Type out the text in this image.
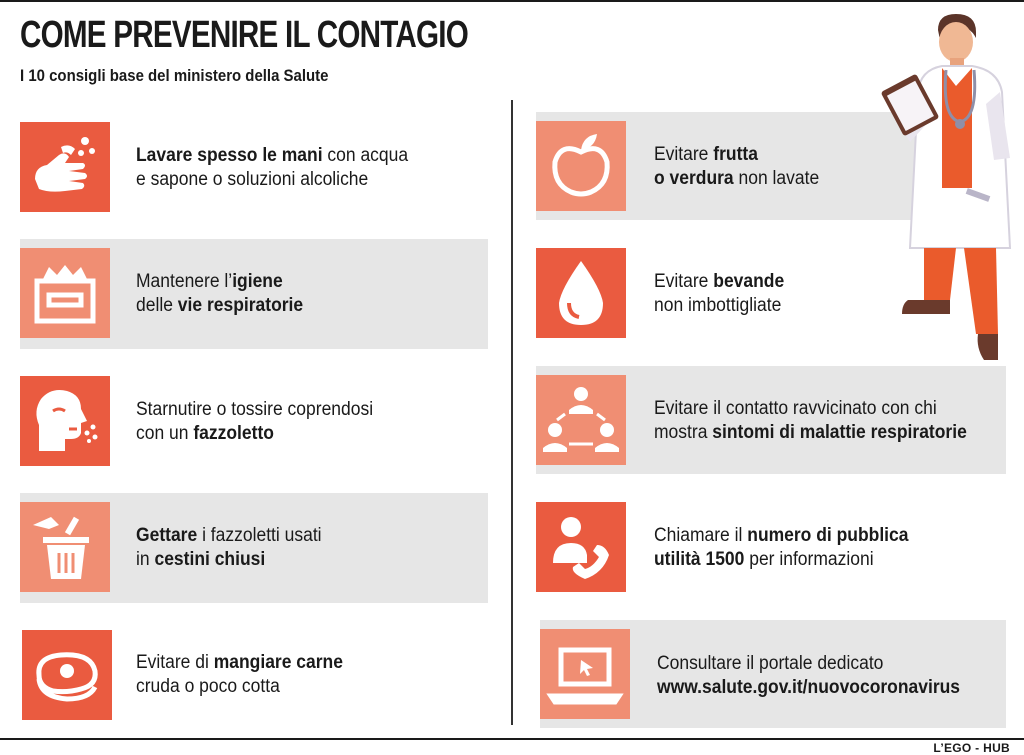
COME PREVENIRE IL CONTAGIO
I 10 consigli base del ministero della Salute
Lavare spesso le mani con acqua
e sapone o soluzioni alcoliche
Mantenere l’igiene
delle vie respiratorie
Starnutire o tossire coprendosi
con un fazzoletto
Gettare i fazzoletti usati
in cestini chiusi
Evitare di mangiare carne
cruda o poco cotta
Evitare frutta
o verdura non lavate
Evitare bevande
non imbottigliate
Evitare il contatto ravvicinato con chi
mostra sintomi di malattie respiratorie
Chiamare il numero di pubblica
utilità 1500 per informazioni
Consultare il portale dedicato
www.salute.gov.it/nuovocoronavirus
L’EGO - HUB
